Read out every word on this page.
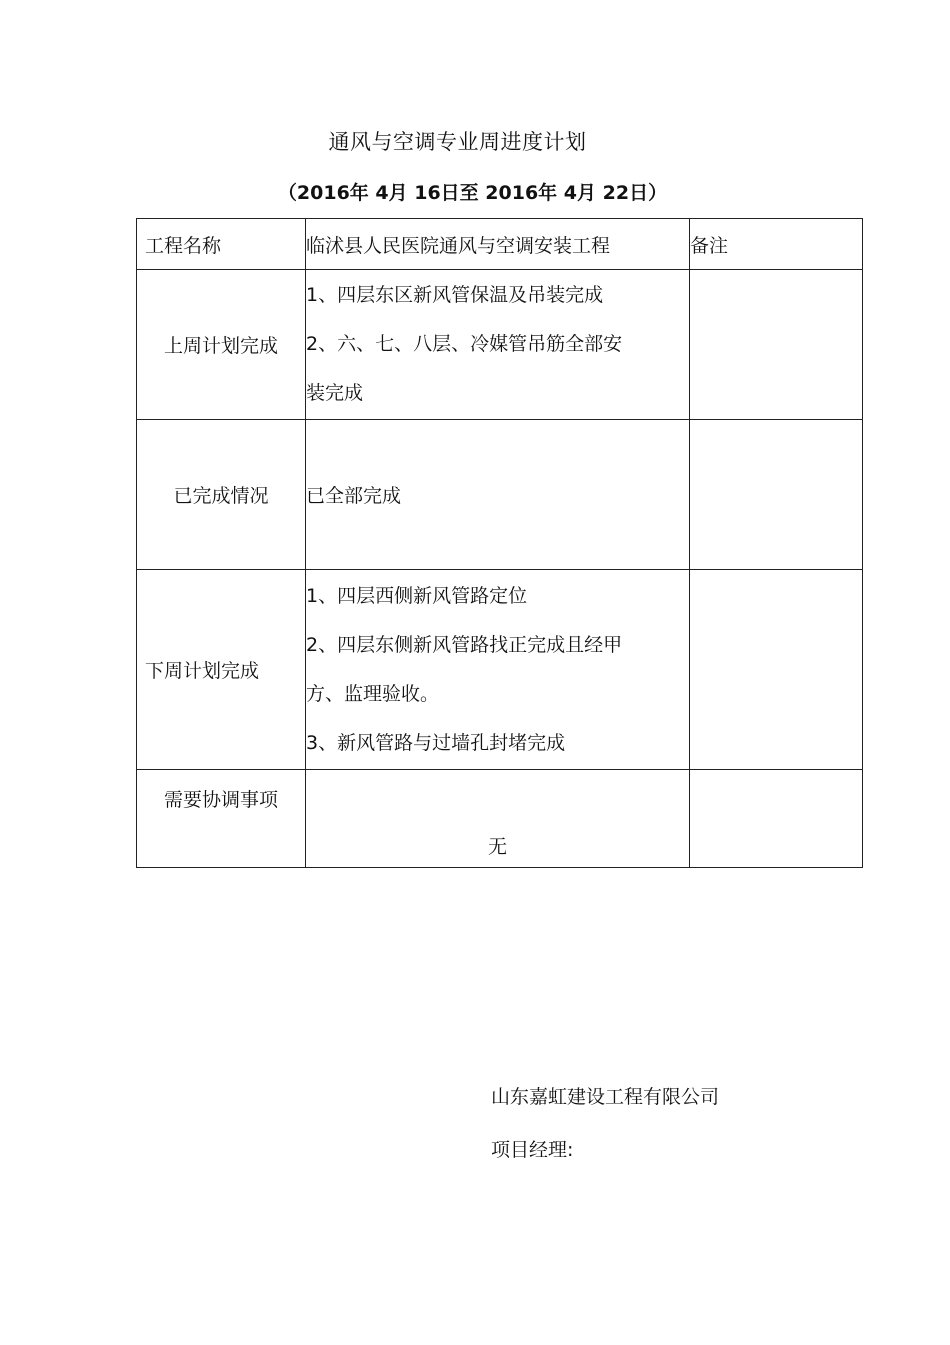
通风与空调专业周进度计划
（2016年 4月 16日至 2016年 4月 22日）
工程名称	临沭县人民医院通风与空调安装工程	备注
上周计划完成	1、四层东区新风管保温及吊装完成
2、六、七、八层、冷媒管吊筋全部安
装完成	

已完成情况	已全部完成	
下周计划完成	1、四层西侧新风管路定位
2、四层东侧新风管路找正完成且经甲
方、监理验收。
3、新风管路与过墙孔封堵完成	

需要协调事项	无	

山东嘉虹建设工程有限公司
项目经理:
